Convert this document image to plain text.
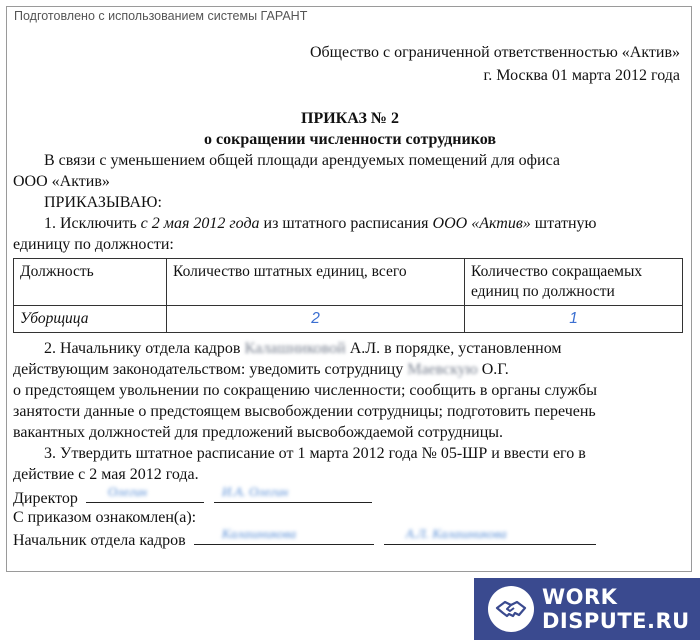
Подготовлено с использованием системы ГАРАНТ
Общество с ограниченной ответственностью «Актив»
г. Москва 01 марта 2012 года
ПРИКАЗ № 2
о сокращении численности сотрудников
В связи с уменьшением общей площади арендуемых помещений для офиса
ООО «Актив»
ПРИКАЗЫВАЮ:
1. Исключить с 2 мая 2012 года из штатного расписания ООО «Актив» штатную
единицу по должности:
Должность	Количество штатных единиц, всего	Количество сокращаемых единиц по должности
Уборщица	2	1
2. Начальнику отдела кадров Калашниковой А.Л. в порядке, установленном
действующим законодательством: уведомить сотрудницу Маевскую О.Г.
о предстоящем увольнении по сокращению численности; сообщить в органы службы
занятости данные о предстоящем высвобождении сотрудницы; подготовить перечень
вакантных должностей для предложений высвобождаемой сотрудницы.
3. Утвердить штатное расписание от 1 марта 2012 года № 05-ШР и ввести его в
действие с 2 мая 2012 года.
Директор Олегин
	И.А. Олегин
С приказом ознакомлен(а):
Начальник отдела кадров	Калашникова
	А.Л. Калашникова
WORK
DISPUTE.RU
